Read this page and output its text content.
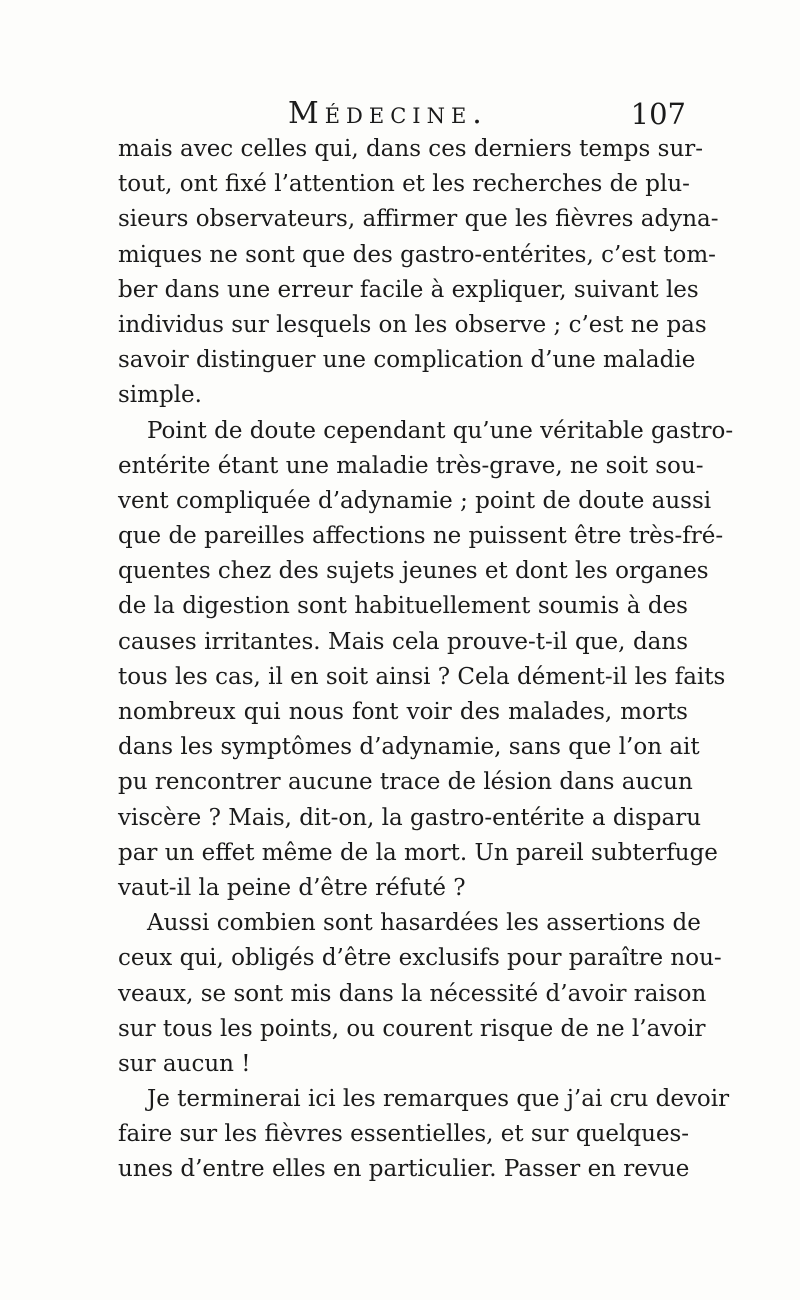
Médecine.	107
mais avec celles qui, dans ces derniers temps sur-
tout, ont fixé l’attention et les recherches de plu-
sieurs observateurs, affirmer que les fièvres adyna-
miques ne sont que des gastro-entérites, c’est tom-
ber dans une erreur facile à expliquer, suivant les
individus sur lesquels on les observe ; c’est ne pas
savoir distinguer une complication d’une maladie
simple.
Point de doute cependant qu’une véritable gastro-
entérite étant une maladie très-grave, ne soit sou-
vent compliquée d’adynamie ; point de doute aussi
que de pareilles affections ne puissent être très-fré-
quentes chez des sujets jeunes et dont les organes
de la digestion sont habituellement soumis à des
causes irritantes. Mais cela prouve-t-il que, dans
tous les cas, il en soit ainsi ? Cela dément-il les faits
nombreux qui nous font voir des malades, morts
dans les symptômes d’adynamie, sans que l’on ait
pu rencontrer aucune trace de lésion dans aucun
viscère ? Mais, dit-on, la gastro-entérite a disparu
par un effet même de la mort. Un pareil subterfuge
vaut-il la peine d’être réfuté ?
Aussi combien sont hasardées les assertions de
ceux qui, obligés d’être exclusifs pour paraître nou-
veaux, se sont mis dans la nécessité d’avoir raison
sur tous les points, ou courent risque de ne l’avoir
sur aucun !
Je terminerai ici les remarques que j’ai cru devoir
faire sur les fièvres essentielles, et sur quelques-
unes d’entre elles en particulier. Passer en revue
